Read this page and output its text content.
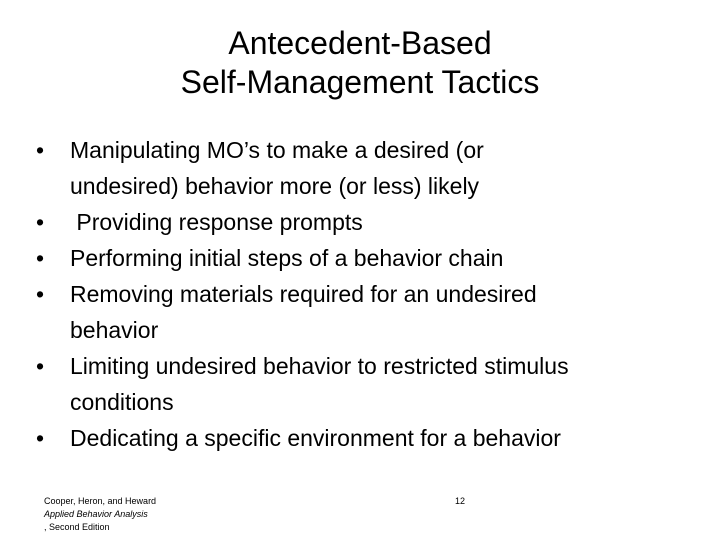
Antecedent-Based
Self-Management Tactics
•	Manipulating MO’s to make a desired (or
undesired) behavior more (or less) likely
•	Providing response prompts
•	Performing initial steps of a behavior chain
•	Removing materials required for an undesired
behavior
•	Limiting undesired behavior to restricted stimulus
conditions
•	Dedicating a specific environment for a behavior
Cooper, Heron, and Heward
Applied Behavior Analysis
, Second Edition
12
